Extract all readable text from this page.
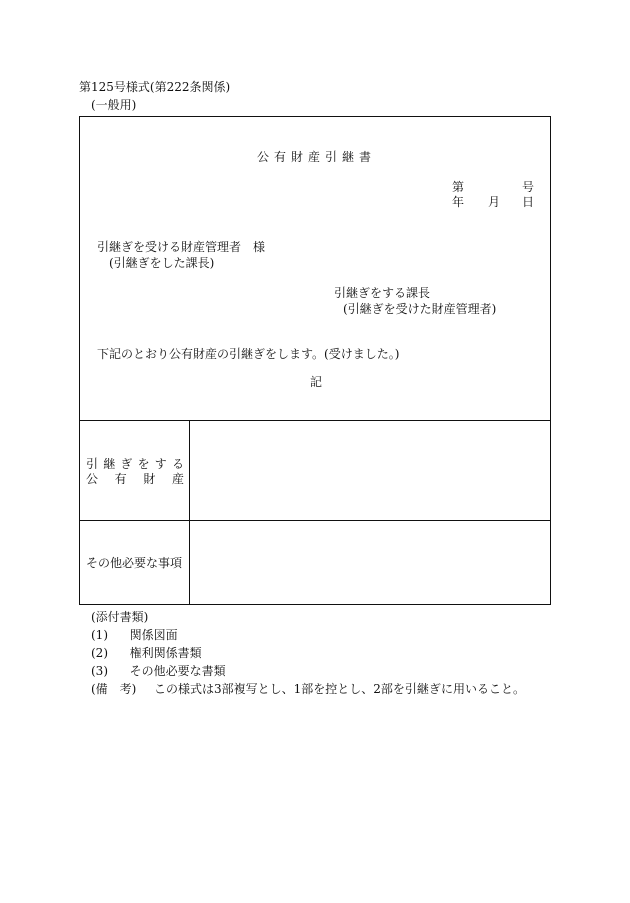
第125号様式(第222条関係)
(一般用)
公有財産引継書
第	号
年 月 日
引継ぎを受ける財産管理者　様
(引継ぎをした課長)
引継ぎをする課長
(引継ぎを受けた財産管理者)
下記のとおり公有財産の引継ぎをします。(受けました。)
記
引 継 ぎ を す る
公 有 財 産
その他必要な事項
(添付書類)
(1) 関係図面
(2) 権利関係書類
(3) その他必要な書類
(備　考) この様式は3部複写とし、1部を控とし、2部を引継ぎに用いること。
